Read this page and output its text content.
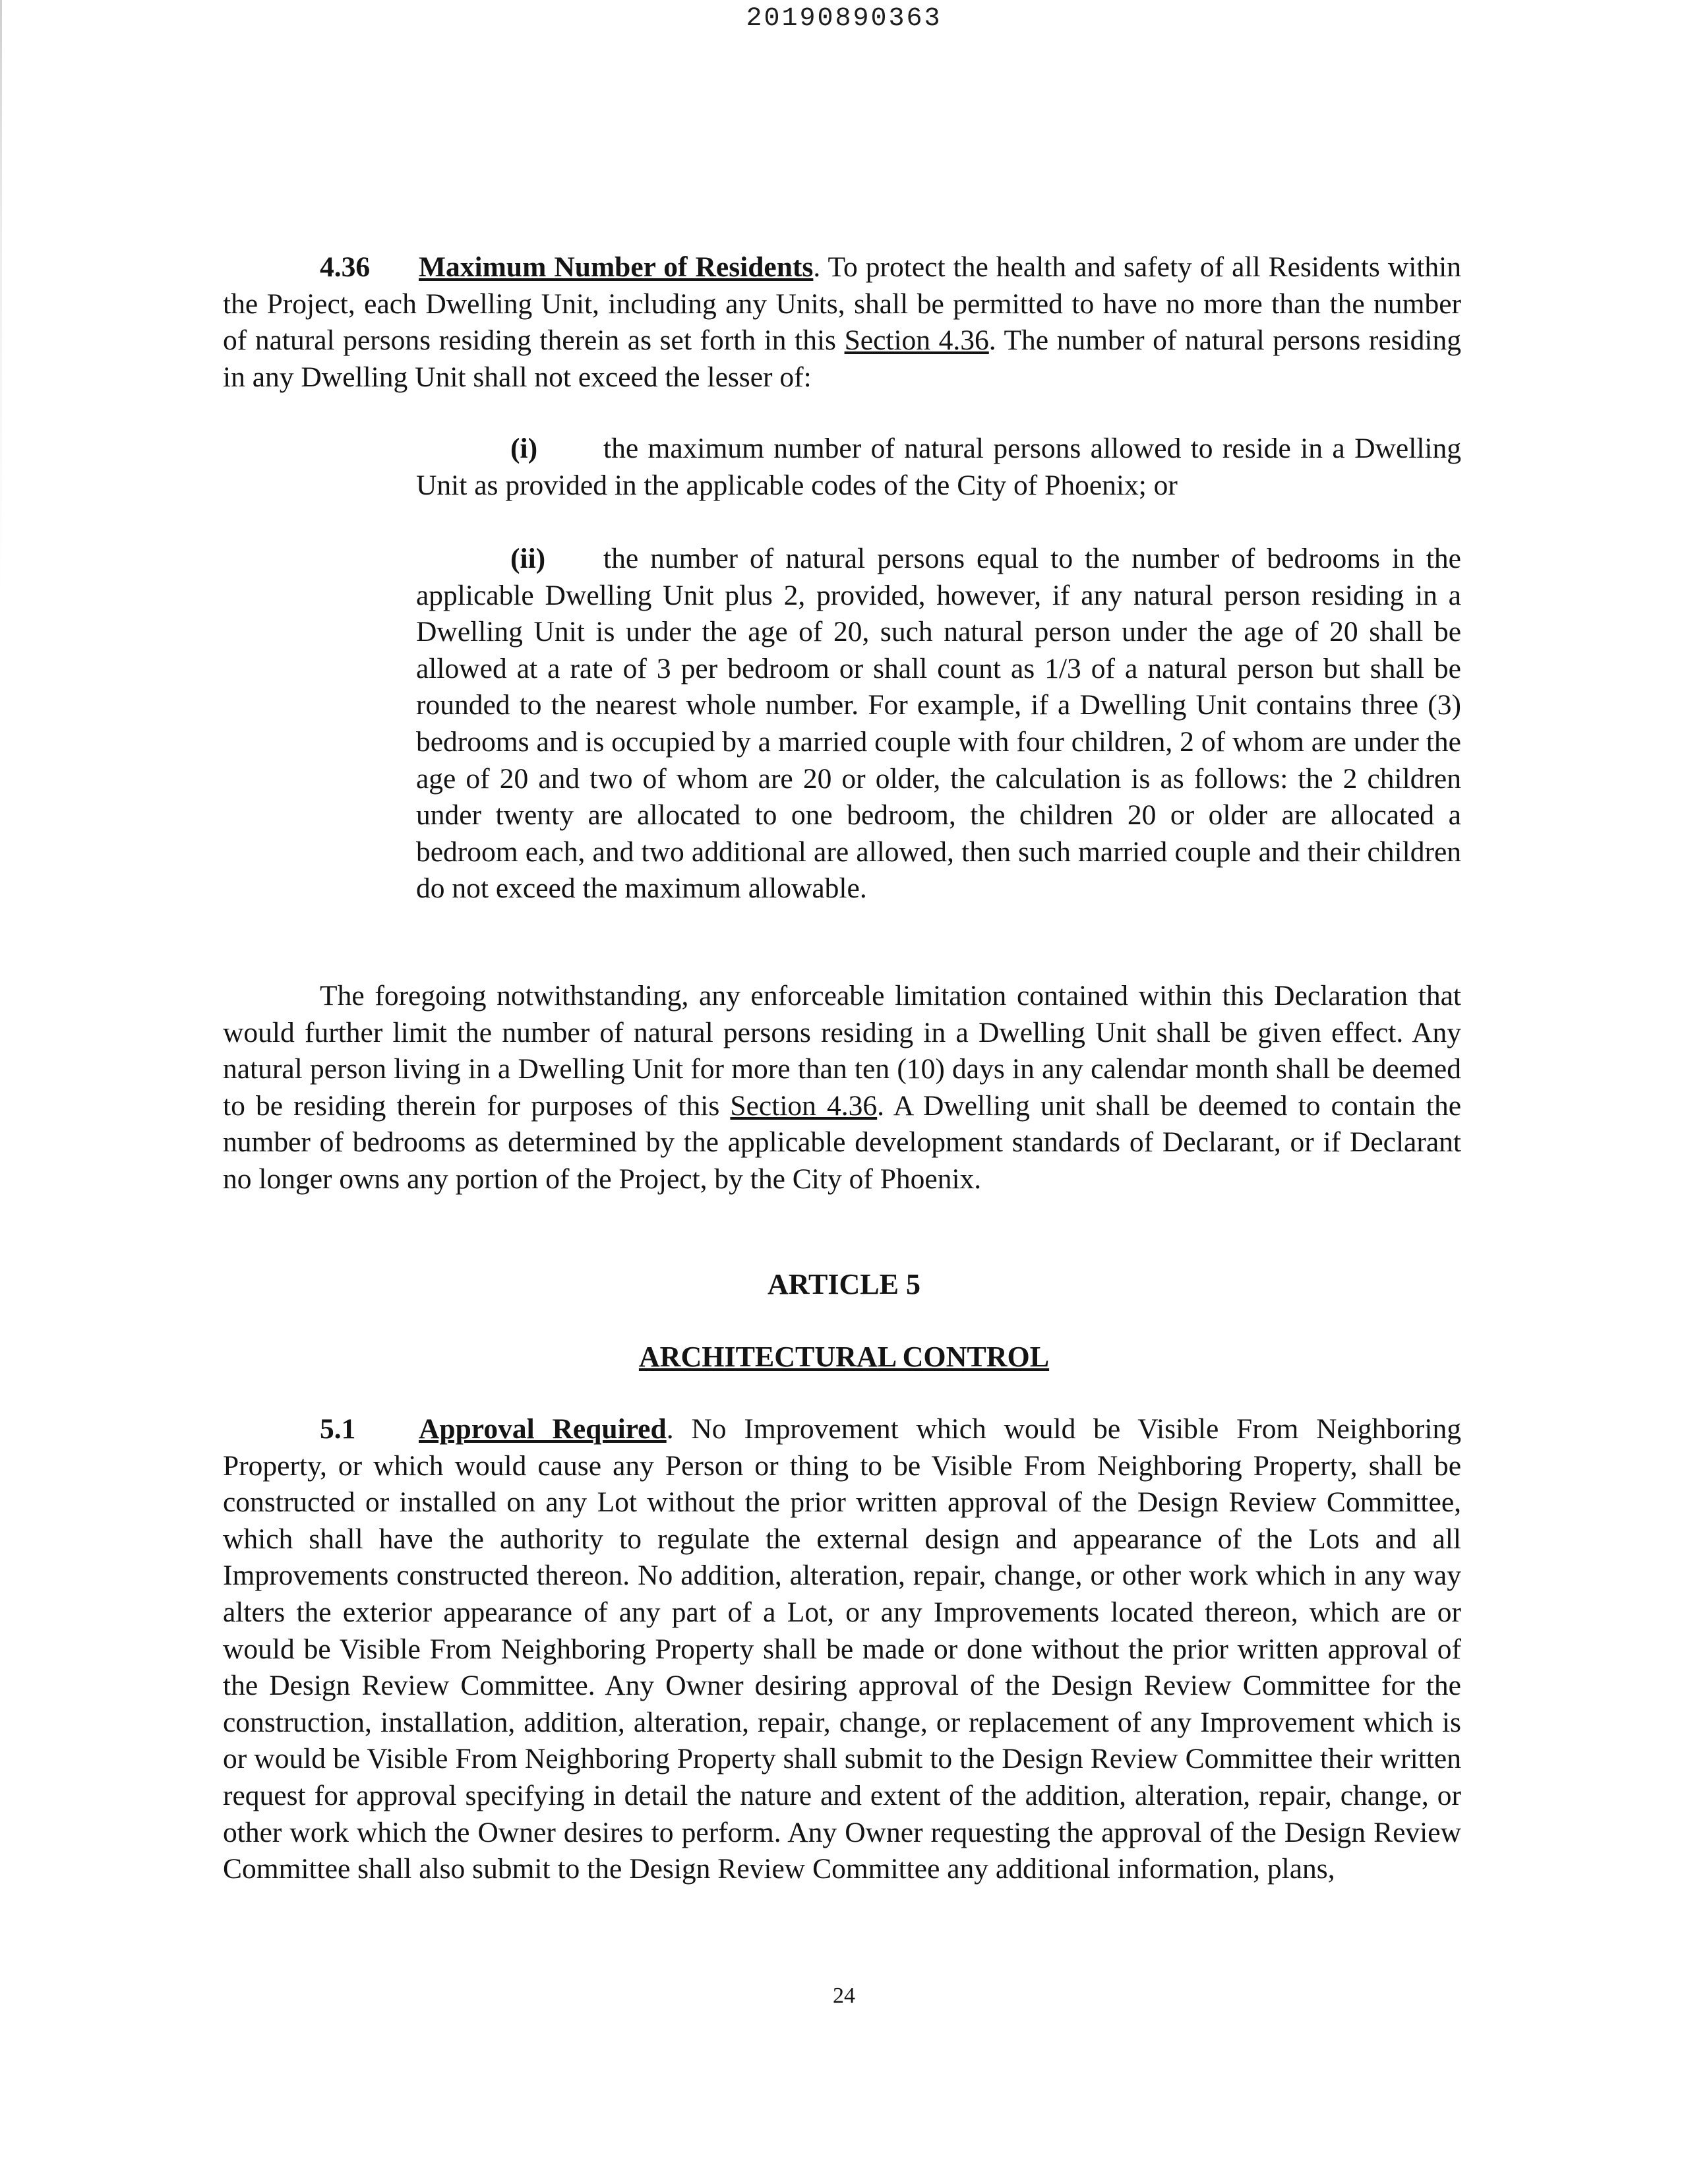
20190890363

4.36 Maximum Number of Residents. To protect the health and safety of all Residents within the Project, each Dwelling Unit, including any Units, shall be permitted to have no more than the number of natural persons residing therein as set forth in this Section 4.36. The number of natural persons residing in any Dwelling Unit shall not exceed the lesser of:

(i) the maximum number of natural persons allowed to reside in a Dwelling Unit as provided in the applicable codes of the City of Phoenix; or

(ii) the number of natural persons equal to the number of bedrooms in the applicable Dwelling Unit plus 2, provided, however, if any natural person residing in a Dwelling Unit is under the age of 20, such natural person under the age of 20 shall be allowed at a rate of 3 per bedroom or shall count as 1/3 of a natural person but shall be rounded to the nearest whole number. For example, if a Dwelling Unit contains three (3) bedrooms and is occupied by a married couple with four children, 2 of whom are under the age of 20 and two of whom are 20 or older, the calculation is as follows: the 2 children under twenty are allocated to one bedroom, the children 20 or older are allocated a bedroom each, and two additional are allowed, then such married couple and their children do not exceed the maximum allowable.

The foregoing notwithstanding, any enforceable limitation contained within this Declaration that would further limit the number of natural persons residing in a Dwelling Unit shall be given effect. Any natural person living in a Dwelling Unit for more than ten (10) days in any calendar month shall be deemed to be residing therein for purposes of this Section 4.36. A Dwelling unit shall be deemed to contain the number of bedrooms as determined by the applicable development standards of Declarant, or if Declarant no longer owns any portion of the Project, by the City of Phoenix.

ARTICLE 5

ARCHITECTURAL CONTROL

5.1 Approval Required. No Improvement which would be Visible From Neighboring Property, or which would cause any Person or thing to be Visible From Neighboring Property, shall be constructed or installed on any Lot without the prior written approval of the Design Review Committee, which shall have the authority to regulate the external design and appearance of the Lots and all Improvements constructed thereon. No addition, alteration, repair, change, or other work which in any way alters the exterior appearance of any part of a Lot, or any Improvements located thereon, which are or would be Visible From Neighboring Property shall be made or done without the prior written approval of the Design Review Committee. Any Owner desiring approval of the Design Review Committee for the construction, installation, addition, alteration, repair, change, or replacement of any Improvement which is or would be Visible From Neighboring Property shall submit to the Design Review Committee their written request for approval specifying in detail the nature and extent of the addition, alteration, repair, change, or other work which the Owner desires to perform. Any Owner requesting the approval of the Design Review Committee shall also submit to the Design Review Committee any additional information, plans,

24
